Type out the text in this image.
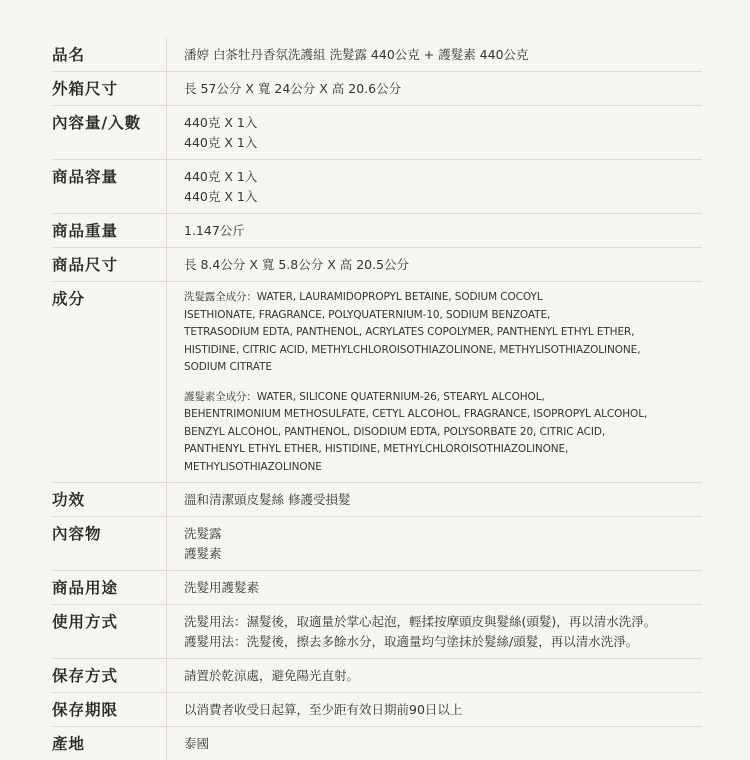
品名	潘婷 白茶牡丹香氛洗護組 洗髮露 440公克 + 護髮素 440公克
外箱尺寸	長 57公分 X 寬 24公分 X 高 20.6公分
內容量/入數	440克 X 1入
440克 X 1入
商品容量	440克 X 1入
440克 X 1入
商品重量	1.147公斤
商品尺寸	長 8.4公分 X 寬 5.8公分 X 高 20.5公分
成分	洗髮露全成分：WATER, LAURAMIDOPROPYL BETAINE, SODIUM COCOYL
ISETHIONATE, FRAGRANCE, POLYQUATERNIUM-10, SODIUM BENZOATE,
TETRASODIUM EDTA, PANTHENOL, ACRYLATES COPOLYMER, PANTHENYL ETHYL ETHER,
HISTIDINE, CITRIC ACID, METHYLCHLOROISOTHIAZOLINONE, METHYLISOTHIAZOLINONE,
SODIUM CITRATE
護髮素全成分：WATER, SILICONE QUATERNIUM-26, STEARYL ALCOHOL,
BEHENTRIMONIUM METHOSULFATE, CETYL ALCOHOL, FRAGRANCE, ISOPROPYL ALCOHOL,
BENZYL ALCOHOL, PANTHENOL, DISODIUM EDTA, POLYSORBATE 20, CITRIC ACID,
PANTHENYL ETHYL ETHER, HISTIDINE, METHYLCHLOROISOTHIAZOLINONE,
METHYLISOTHIAZOLINONE
功效	溫和清潔頭皮髮絲 修護受損髮
內容物	洗髮露
護髮素
商品用途	洗髮用護髮素
使用方式	洗髮用法：濕髮後，取適量於掌心起泡，輕揉按摩頭皮與髮絲(頭髮)，再以清水洗淨。
護髮用法：洗髮後，擦去多餘水分，取適量均勻塗抹於髮絲/頭髮，再以清水洗淨。
保存方式	請置於乾涼處，避免陽光直射。
保存期限	以消費者收受日起算，至少距有效日期前90日以上
產地	泰國
